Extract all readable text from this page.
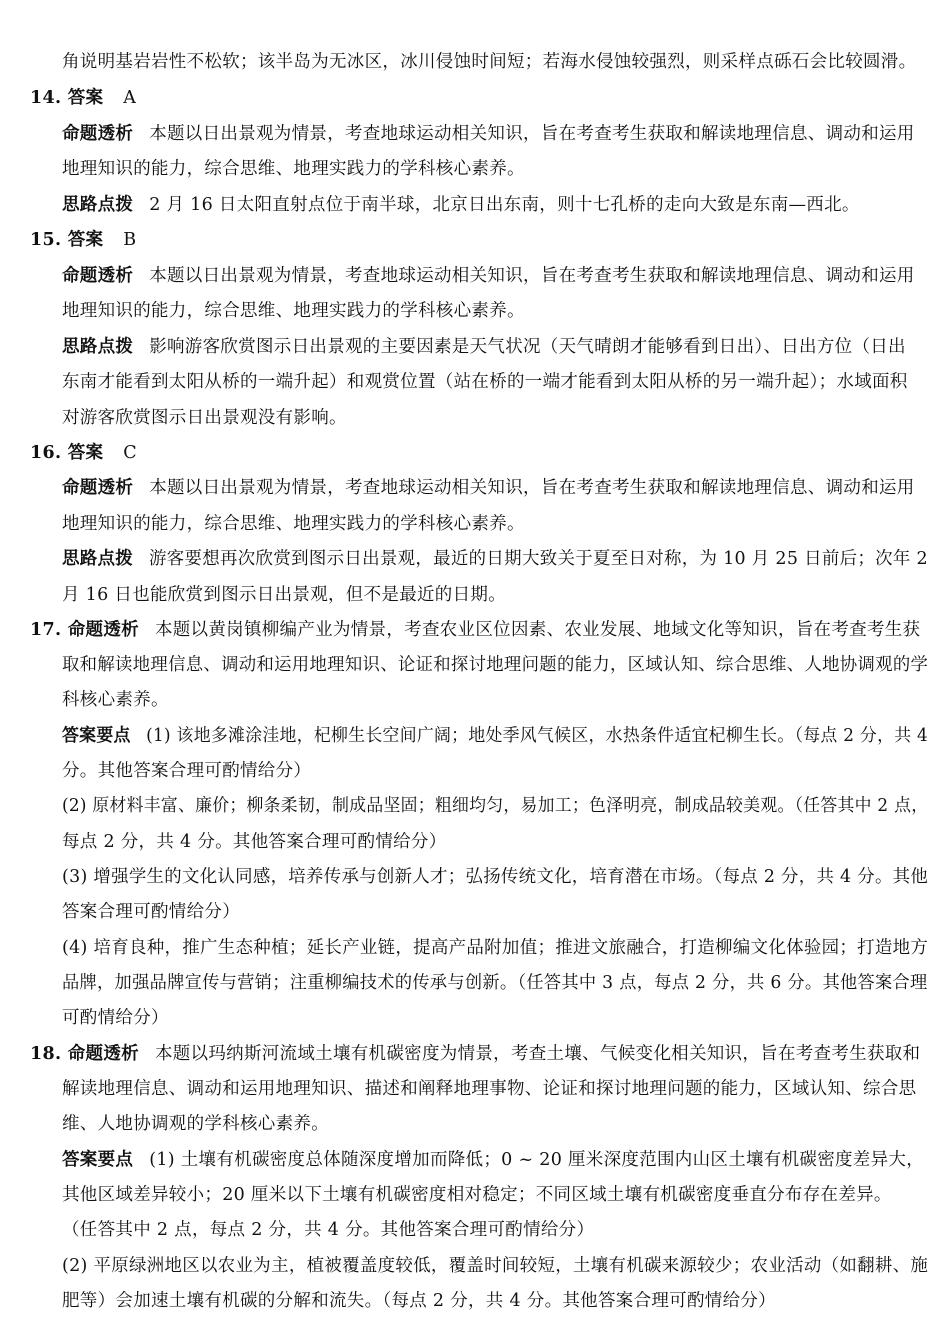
角说明基岩岩性不松软；该半岛为无冰区，冰川侵蚀时间短；若海水侵蚀较强烈，则采样点砾石会比较圆滑。
14. 答案 A
命题透析 本题以日出景观为情景，考查地球运动相关知识，旨在考查考生获取和解读地理信息、调动和运用
地理知识的能力，综合思维、地理实践力的学科核心素养。
思路点拨 2 月 16 日太阳直射点位于南半球，北京日出东南，则十七孔桥的走向大致是东南—西北。
15. 答案 B
命题透析 本题以日出景观为情景，考查地球运动相关知识，旨在考查考生获取和解读地理信息、调动和运用
地理知识的能力，综合思维、地理实践力的学科核心素养。
思路点拨 影响游客欣赏图示日出景观的主要因素是天气状况（天气晴朗才能够看到日出）、日出方位（日出
东南才能看到太阳从桥的一端升起）和观赏位置（站在桥的一端才能看到太阳从桥的另一端升起）；水域面积
对游客欣赏图示日出景观没有影响。
16. 答案 C
命题透析 本题以日出景观为情景，考查地球运动相关知识，旨在考查考生获取和解读地理信息、调动和运用
地理知识的能力，综合思维、地理实践力的学科核心素养。
思路点拨 游客要想再次欣赏到图示日出景观，最近的日期大致关于夏至日对称，为 10 月 25 日前后；次年 2
月 16 日也能欣赏到图示日出景观，但不是最近的日期。
17. 命题透析 本题以黄岗镇柳编产业为情景，考查农业区位因素、农业发展、地域文化等知识，旨在考查考生获
取和解读地理信息、调动和运用地理知识、论证和探讨地理问题的能力，区域认知、综合思维、人地协调观的学
科核心素养。
答案要点 (1) 该地多滩涂洼地，杞柳生长空间广阔；地处季风气候区，水热条件适宜杞柳生长。（每点 2 分，共 4
分。其他答案合理可酌情给分）
(2) 原材料丰富、廉价；柳条柔韧，制成品坚固；粗细均匀，易加工；色泽明亮，制成品较美观。（任答其中 2 点，
每点 2 分，共 4 分。其他答案合理可酌情给分）
(3) 增强学生的文化认同感，培养传承与创新人才；弘扬传统文化，培育潜在市场。（每点 2 分，共 4 分。其他
答案合理可酌情给分）
(4) 培育良种，推广生态种植；延长产业链，提高产品附加值；推进文旅融合，打造柳编文化体验园；打造地方
品牌，加强品牌宣传与营销；注重柳编技术的传承与创新。（任答其中 3 点，每点 2 分，共 6 分。其他答案合理
可酌情给分）
18. 命题透析 本题以玛纳斯河流域土壤有机碳密度为情景，考查土壤、气候变化相关知识，旨在考查考生获取和
解读地理信息、调动和运用地理知识、描述和阐释地理事物、论证和探讨地理问题的能力，区域认知、综合思
维、人地协调观的学科核心素养。
答案要点 (1) 土壤有机碳密度总体随深度增加而降低；0 ~ 20 厘米深度范围内山区土壤有机碳密度差异大，
其他区域差异较小；20 厘米以下土壤有机碳密度相对稳定；不同区域土壤有机碳密度垂直分布存在差异。
（任答其中 2 点，每点 2 分，共 4 分。其他答案合理可酌情给分）
(2) 平原绿洲地区以农业为主，植被覆盖度较低，覆盖时间较短，土壤有机碳来源较少；农业活动（如翻耕、施
肥等）会加速土壤有机碳的分解和流失。（每点 2 分，共 4 分。其他答案合理可酌情给分）
